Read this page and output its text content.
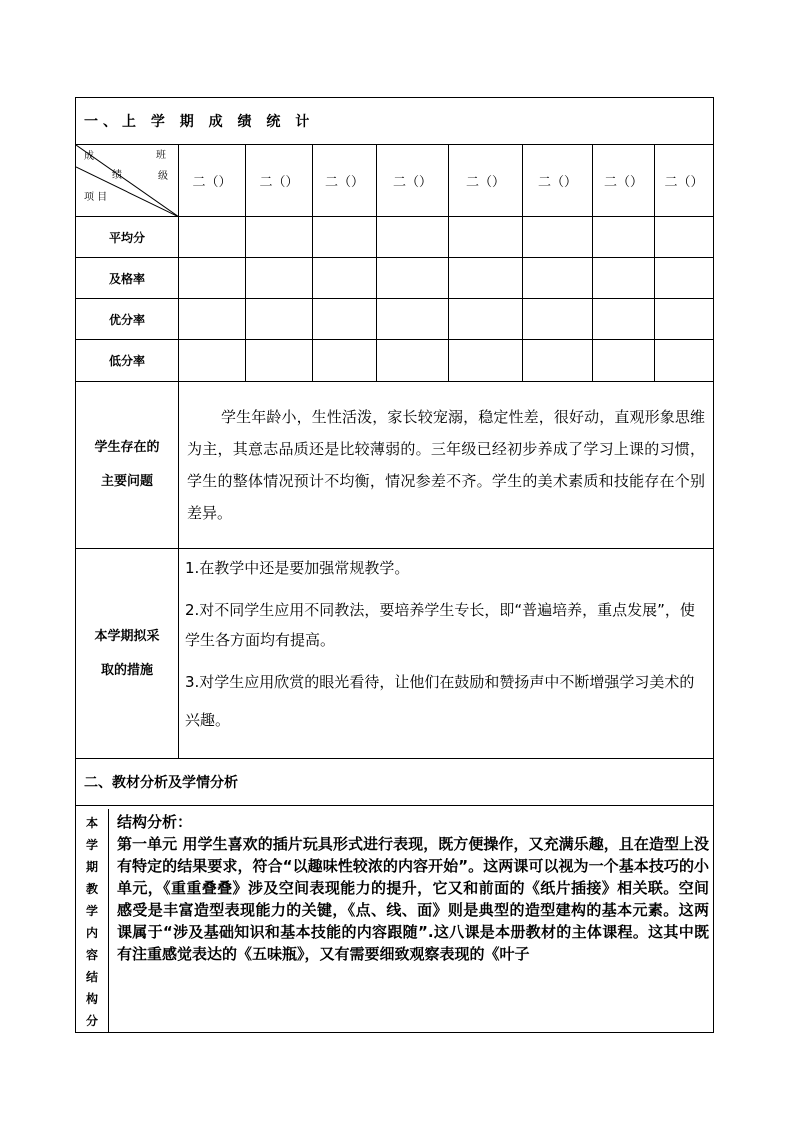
一、上 学 期 成 绩 统 计

成	班
绩	级
项 目
	二（）	二（）	二（）	二（）	二（）	二（）	二（）	二（）
平均分								
及格率								
优分率								
低分率								

学生存在的
主要问题
	学生年龄小，生性活泼，家长较宠溺，稳定性差，很好动，直观形象思维为主，其意志品质还是比较薄弱的。三年级已经初步养成了学习上课的习惯，学生的整体情况预计不均衡，情况参差不齐。学生的美术素质和技能存在个别差异。

本学期拟采
取的措施

1.在教学中还是要加强常规教学。

2.对不同学生应用不同教法，要培养学生专长，即“普遍培养，重点发展”，使学生各方面均有提高。

3.对学生应用欣赏的眼光看待，让他们在鼓励和赞扬声中不断增强学习美术的兴趣。

二、教材分析及学情分析

本
学
期
教
学
内
容
结
构
分

结构分析：
第一单元 用学生喜欢的插片玩具形式进行表现，既方便操作，又充满乐趣，且在造型上没有特定的结果要求，符合“以趣味性较浓的内容开始”。这两课可以视为一个基本技巧的小单元，《重重叠叠》涉及空间表现能力的提升，它又和前面的《纸片插接》相关联。空间感受是丰富造型表现能力的关键，《点、线、面》则是典型的造型建构的基本元素。这两课属于“涉及基础知识和基本技能的内容跟随”.这八课是本册教材的主体课程。这其中既有注重感觉表达的《五味瓶》，又有需要细致观察表现的《叶子
